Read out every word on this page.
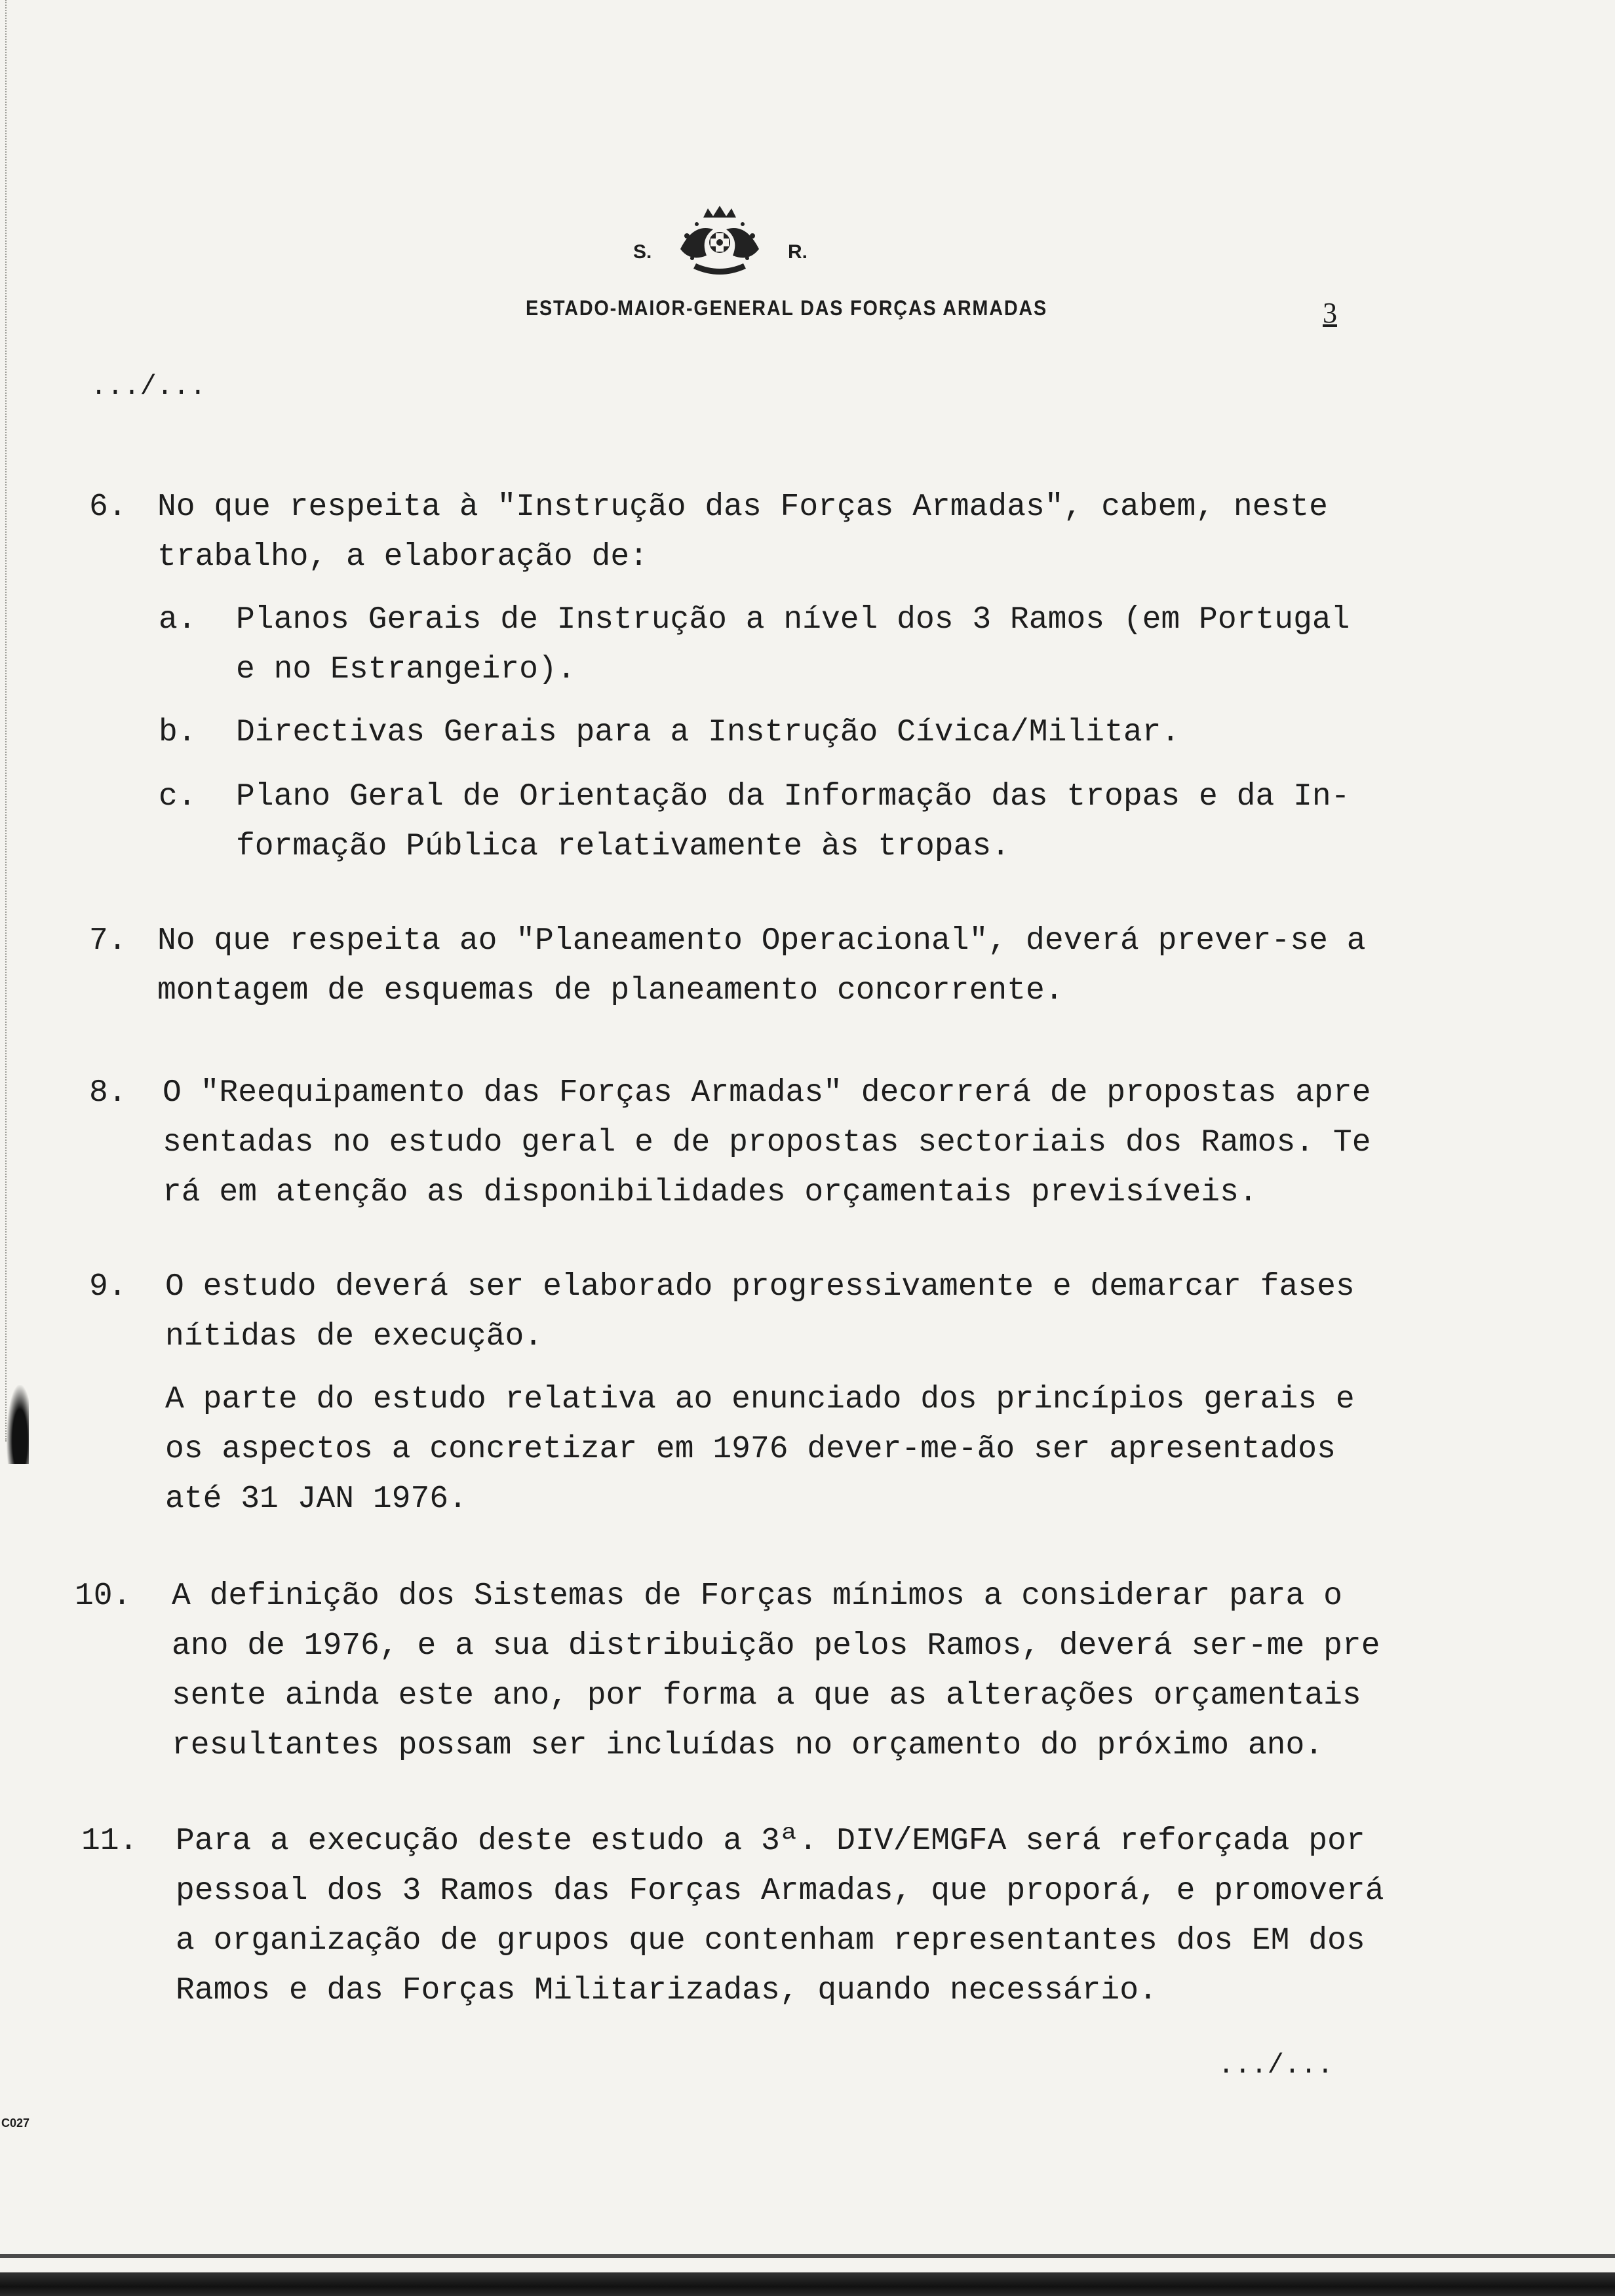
S.	R.
ESTADO-MAIOR-GENERAL DAS FORÇAS ARMADAS	3
.../...
6. No que respeita à "Instrução das Forças Armadas", cabem, neste
trabalho, a elaboração de:
a. Planos Gerais de Instrução a nível dos 3 Ramos (em Portugal
e no Estrangeiro).
b. Directivas Gerais para a Instrução Cívica/Militar.
c. Plano Geral de Orientação da Informação das tropas e da In-
formação Pública relativamente às tropas.
7. No que respeita ao "Planeamento Operacional", deverá prever-se a
montagem de esquemas de planeamento concorrente.
8.	O "Reequipamento das Forças Armadas" decorrerá de propostas apre
sentadas no estudo geral e de propostas sectoriais dos Ramos. Te
rá em atenção as disponibilidades orçamentais previsíveis.
9.	O estudo deverá ser elaborado progressivamente e demarcar fases
nítidas de execução.
A parte do estudo relativa ao enunciado dos princípios gerais e
os aspectos a concretizar em 1976 dever-me-ão ser apresentados
até 31 JAN 1976.
10.	A definição dos Sistemas de Forças mínimos a considerar para o
ano de 1976, e a sua distribuição pelos Ramos, deverá ser-me pre
sente ainda este ano, por forma a que as alterações orçamentais
resultantes possam ser incluídas no orçamento do próximo ano.
11.	Para a execução deste estudo a 3ª. DIV/EMGFA será reforçada por
pessoal dos 3 Ramos das Forças Armadas, que proporá, e promoverá
a organização de grupos que contenham representantes dos EM dos
Ramos e das Forças Militarizadas, quando necessário.
.../...
C027
